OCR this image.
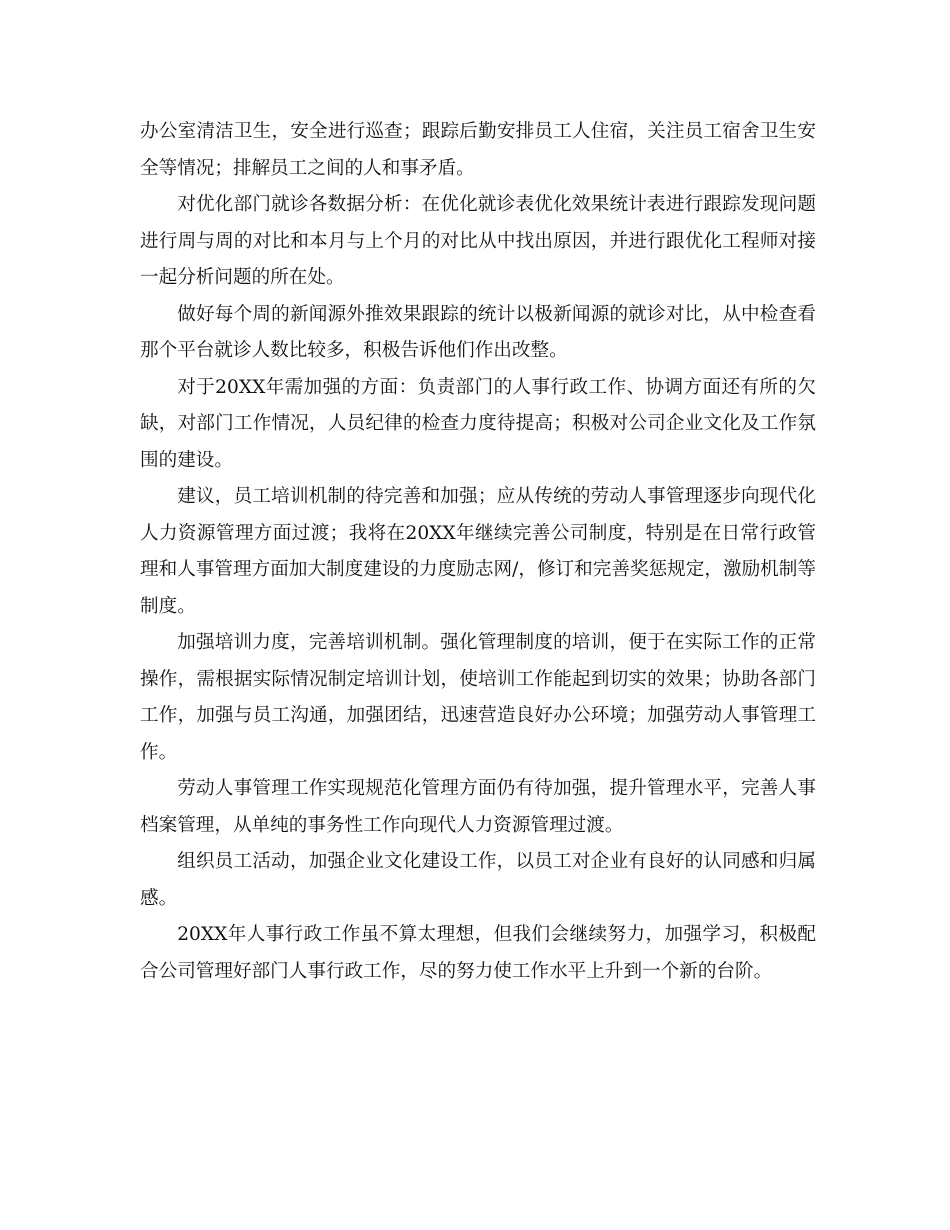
办公室清洁卫生，安全进行巡查；跟踪后勤安排员工人住宿，关注员工宿舍卫生安全等情况；排解员工之间的人和事矛盾。

对优化部门就诊各数据分析：在优化就诊表优化效果统计表进行跟踪发现问题进行周与周的对比和本月与上个月的对比从中找出原因，并进行跟优化工程师对接一起分析问题的所在处。

做好每个周的新闻源外推效果跟踪的统计以极新闻源的就诊对比，从中检查看那个平台就诊人数比较多，积极告诉他们作出改整。

对于20XX年需加强的方面：负责部门的人事行政工作、协调方面还有所的欠缺，对部门工作情况，人员纪律的检查力度待提高；积极对公司企业文化及工作氛围的建设。

建议，员工培训机制的待完善和加强；应从传统的劳动人事管理逐步向现代化人力资源管理方面过渡；我将在20XX年继续完善公司制度，特别是在日常行政管理和人事管理方面加大制度建设的力度励志网/，修订和完善奖惩规定，激励机制等制度。

加强培训力度，完善培训机制。强化管理制度的培训，便于在实际工作的正常操作，需根据实际情况制定培训计划，使培训工作能起到切实的效果；协助各部门工作，加强与员工沟通，加强团结，迅速营造良好办公环境；加强劳动人事管理工作。

劳动人事管理工作实现规范化管理方面仍有待加强，提升管理水平，完善人事档案管理，从单纯的事务性工作向现代人力资源管理过渡。

组织员工活动，加强企业文化建设工作，以员工对企业有良好的认同感和归属感。

20XX年人事行政工作虽不算太理想，但我们会继续努力，加强学习，积极配合公司管理好部门人事行政工作，尽的努力使工作水平上升到一个新的台阶。
